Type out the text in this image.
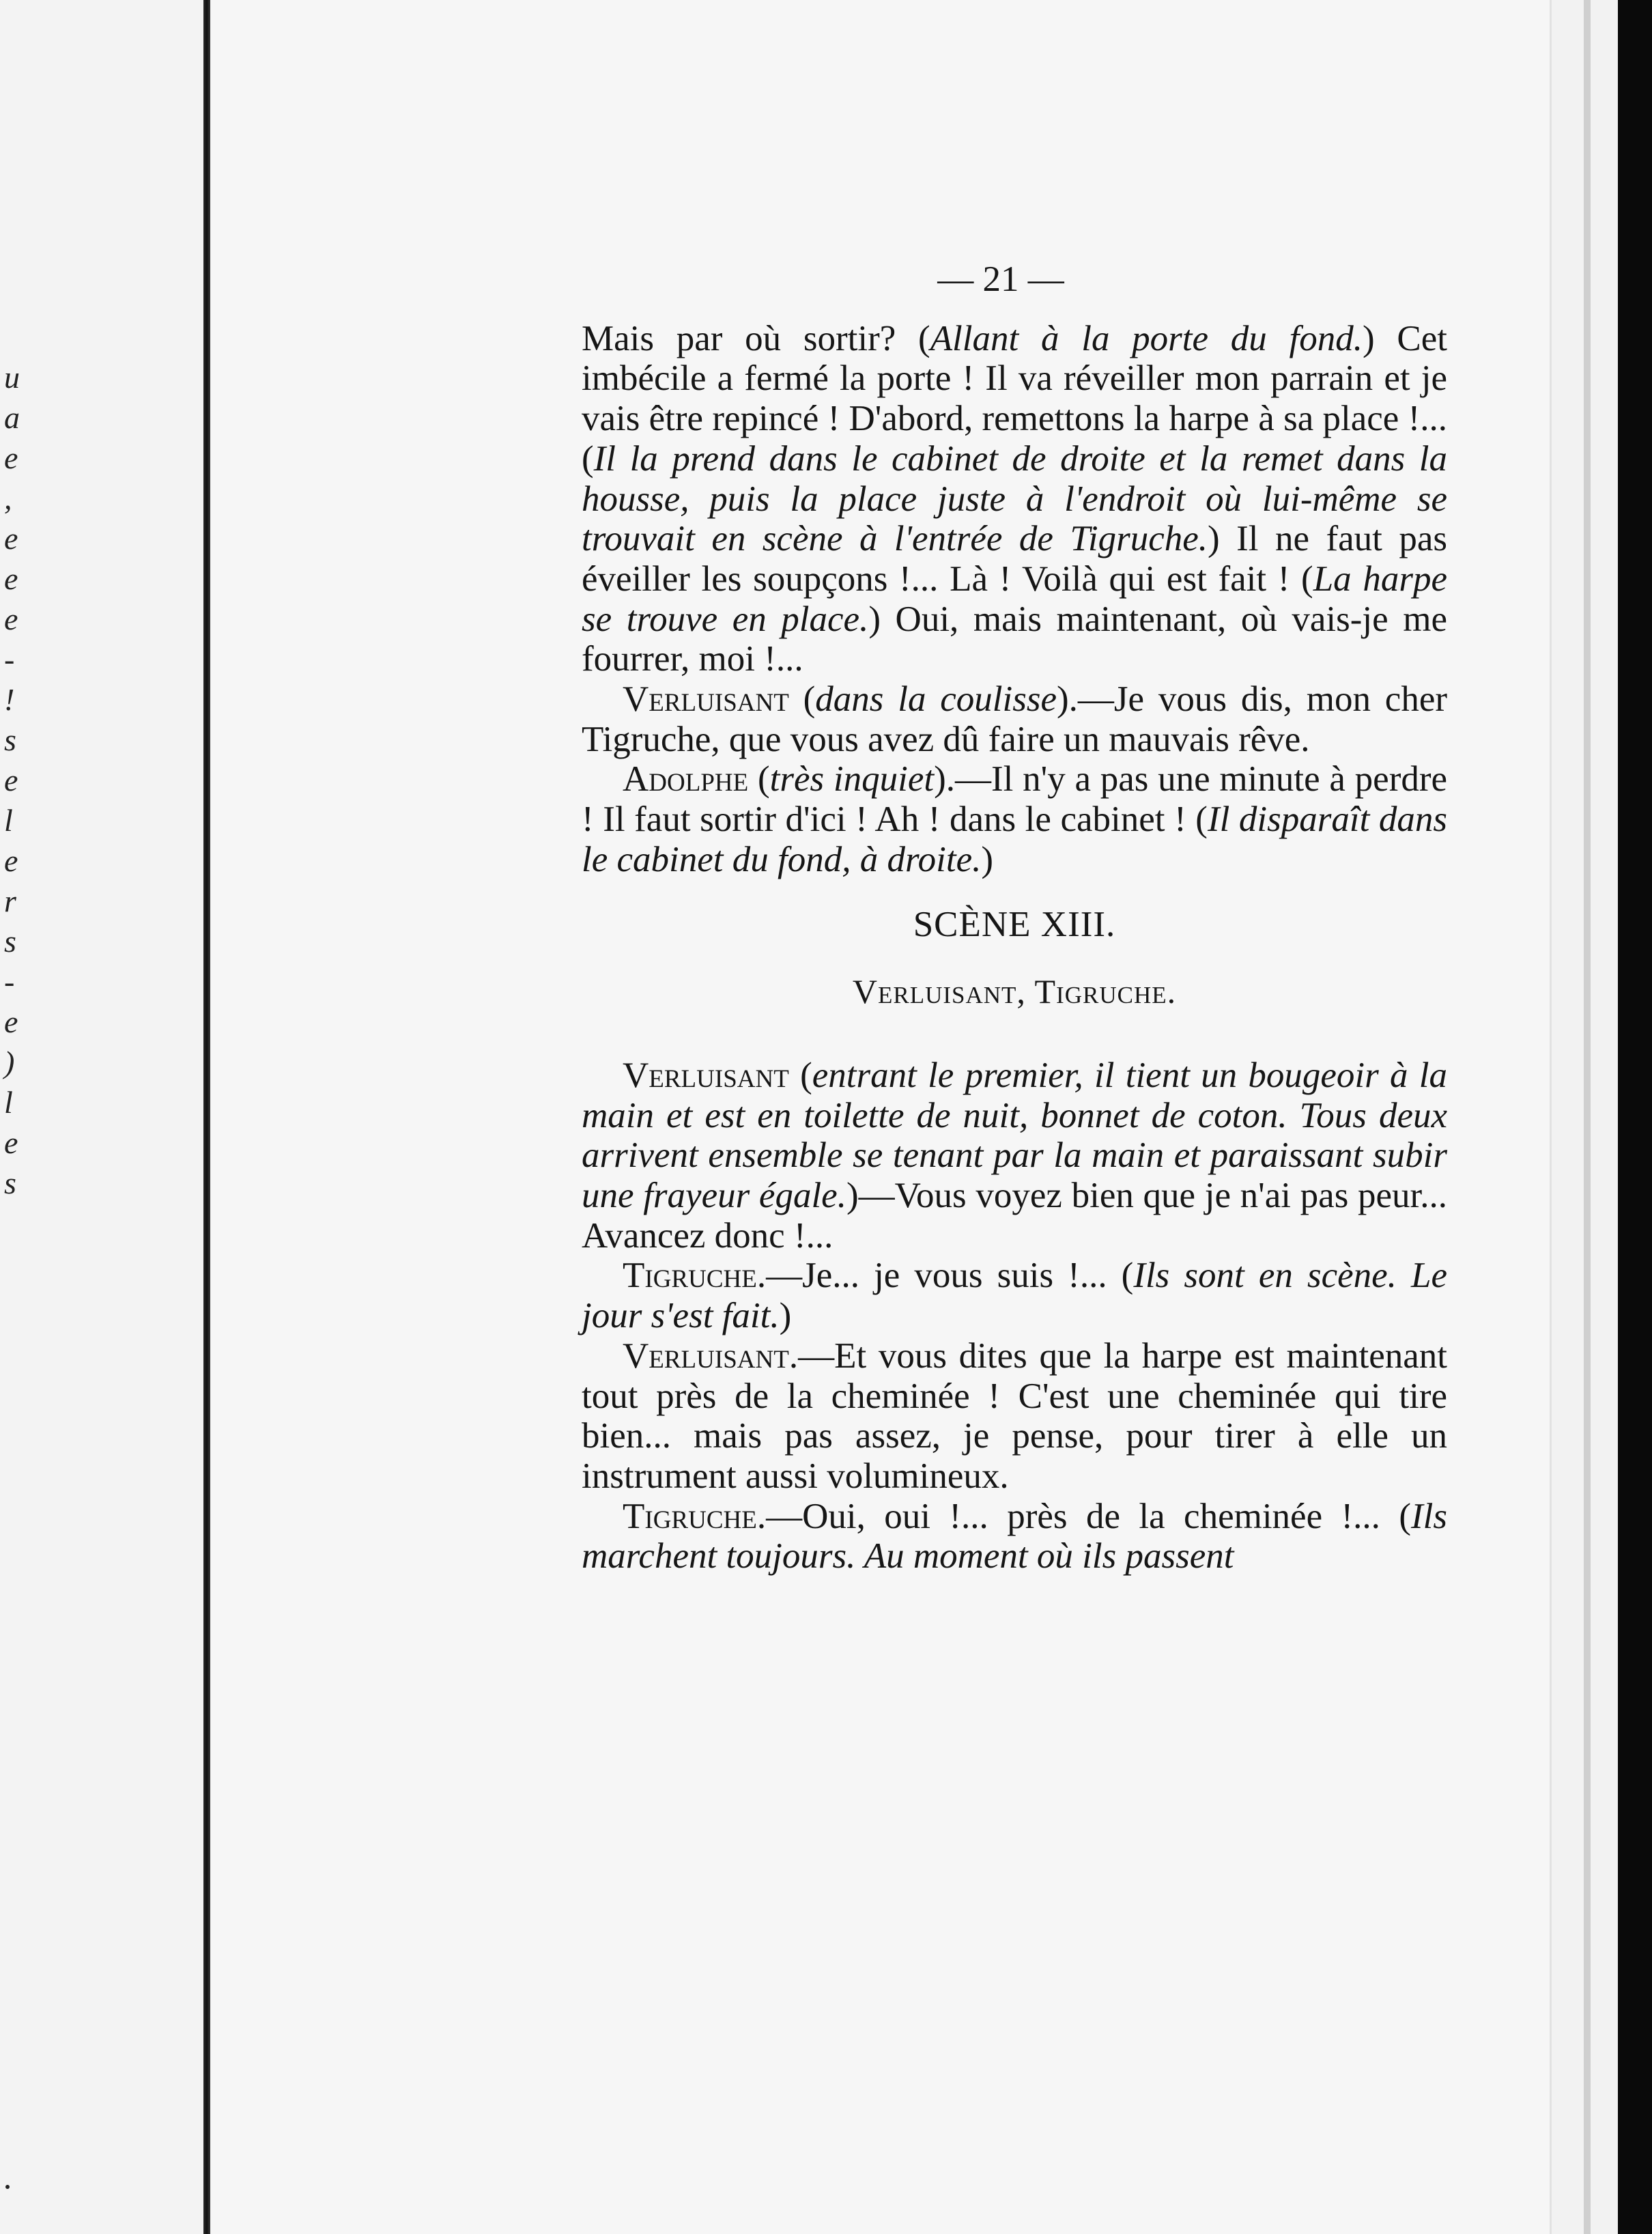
u
a
e
,
e
e
e
-
!
s
e
l
e
r
s
-
e
)
l
e
s
— 21 —

Mais par où sortir? (Allant à la porte du fond.) Cet imbécile a fermé la porte ! Il va réveiller mon parrain et je vais être repincé ! D'abord, remettons la harpe à sa place !... (Il la prend dans le cabinet de droite et la remet dans la housse, puis la place juste à l'endroit où lui-même se trouvait en scène à l'entrée de Tigruche.) Il ne faut pas éveiller les soupçons !... Là ! Voilà qui est fait ! (La harpe se trouve en place.) Oui, mais maintenant, où vais-je me fourrer, moi !...

Verluisant (dans la coulisse).—Je vous dis, mon cher Tigruche, que vous avez dû faire un mauvais rêve.

Adolphe (très inquiet).—Il n'y a pas une minute à perdre ! Il faut sortir d'ici ! Ah ! dans le cabinet ! (Il disparaît dans le cabinet du fond, à droite.)

SCÈNE XIII.
Verluisant, Tigruche.

Verluisant (entrant le premier, il tient un bougeoir à la main et est en toilette de nuit, bonnet de coton. Tous deux arrivent ensemble se tenant par la main et paraissant subir une frayeur égale.)—Vous voyez bien que je n'ai pas peur... Avancez donc !...

Tigruche.—Je... je vous suis !... (Ils sont en scène. Le jour s'est fait.)

Verluisant.—Et vous dites que la harpe est maintenant tout près de la cheminée ! C'est une cheminée qui tire bien... mais pas assez, je pense, pour tirer à elle un instrument aussi volumineux.

Tigruche.—Oui, oui !... près de la cheminée !... (Ils marchent toujours. Au moment où ils passent
